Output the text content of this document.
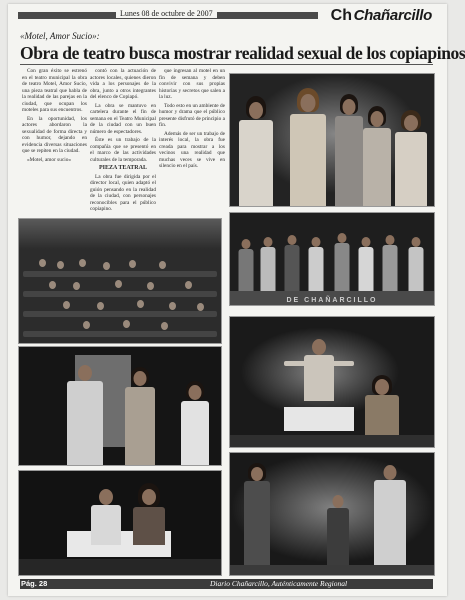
Lunes 08 de octubre de 2007	Ch Chañarcillo
«Motel, Amor Sucio»:
Obra de teatro busca mostrar realidad sexual de los copiapinos

Con gran éxito se estrenó en el teatro municipal la obra de teatro Motel, Amor Sucio, una pieza teatral que habla de la realidad de las parejas en la ciudad, que ocupan los moteles para sus encuentros.

En la oportunidad, los actores abordaron la sexualidad de forma directa y con humor, dejando en evidencia diversas situaciones que se repiten en la ciudad.

«Motel, amor sucio»

contó con la actuación de actores locales, quienes dieron vida a los personajes de la obra, junto a otros integrantes del elenco de Copiapó.

La obra se mantuvo en cartelera durante el fin de semana en el Teatro Municipal de la ciudad con un buen número de espectadores.

Éste es un trabajo de la compañía que se presentó en el marco de las actividades culturales de la temporada.

PIEZA TEATRAL

La obra fue dirigida por el director local, quien adaptó el guión pensando en la realidad de la ciudad, con personajes reconocibles para el público copiapino.

que ingresan al motel en un fin de semana y deben convivir con sus propias historias y secretos que salen a la luz.

Todo esto en un ambiente de humor y drama que el público presente disfrutó de principio a fin.

Además de ser un trabajo de interés local, la obra fue creada para mostrar a los vecinos una realidad que muchas veces se vive en silencio en el país.

DE CHAÑARCILLO
Pág. 28	Diario Chañarcillo, Auténticamente Regional
